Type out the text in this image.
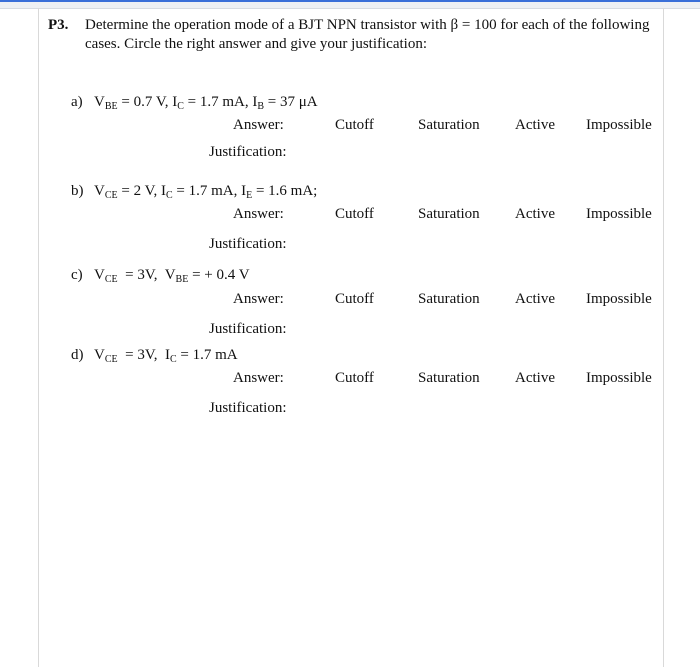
P3. Determine the operation mode of a BJT NPN transistor with β = 100 for each of the following
cases. Circle the right answer and give your justification:
a) $V_{BE} = 0.7$ V, $I_C = 1.7$ mA, $I_B = 37$ μA
Answer:	Cutoff	Saturation Active Impossible
Justification:
b) $V_{CE} = 2$ V, $I_C = 1.7$ mA, $I_E = 1.6$ mA;
Answer:	Cutoff	Saturation Active Impossible
Justification:
c) $V_{CE} = 3V$,  $V_{BE}$ = + 0.4 V
Answer:	Cutoff	Saturation Active Impossible
Justification:
d) $V_{CE} = 3V$,  $I_C = 1.7$ mA
Answer:	Cutoff	Saturation Active Impossible
Justification:
